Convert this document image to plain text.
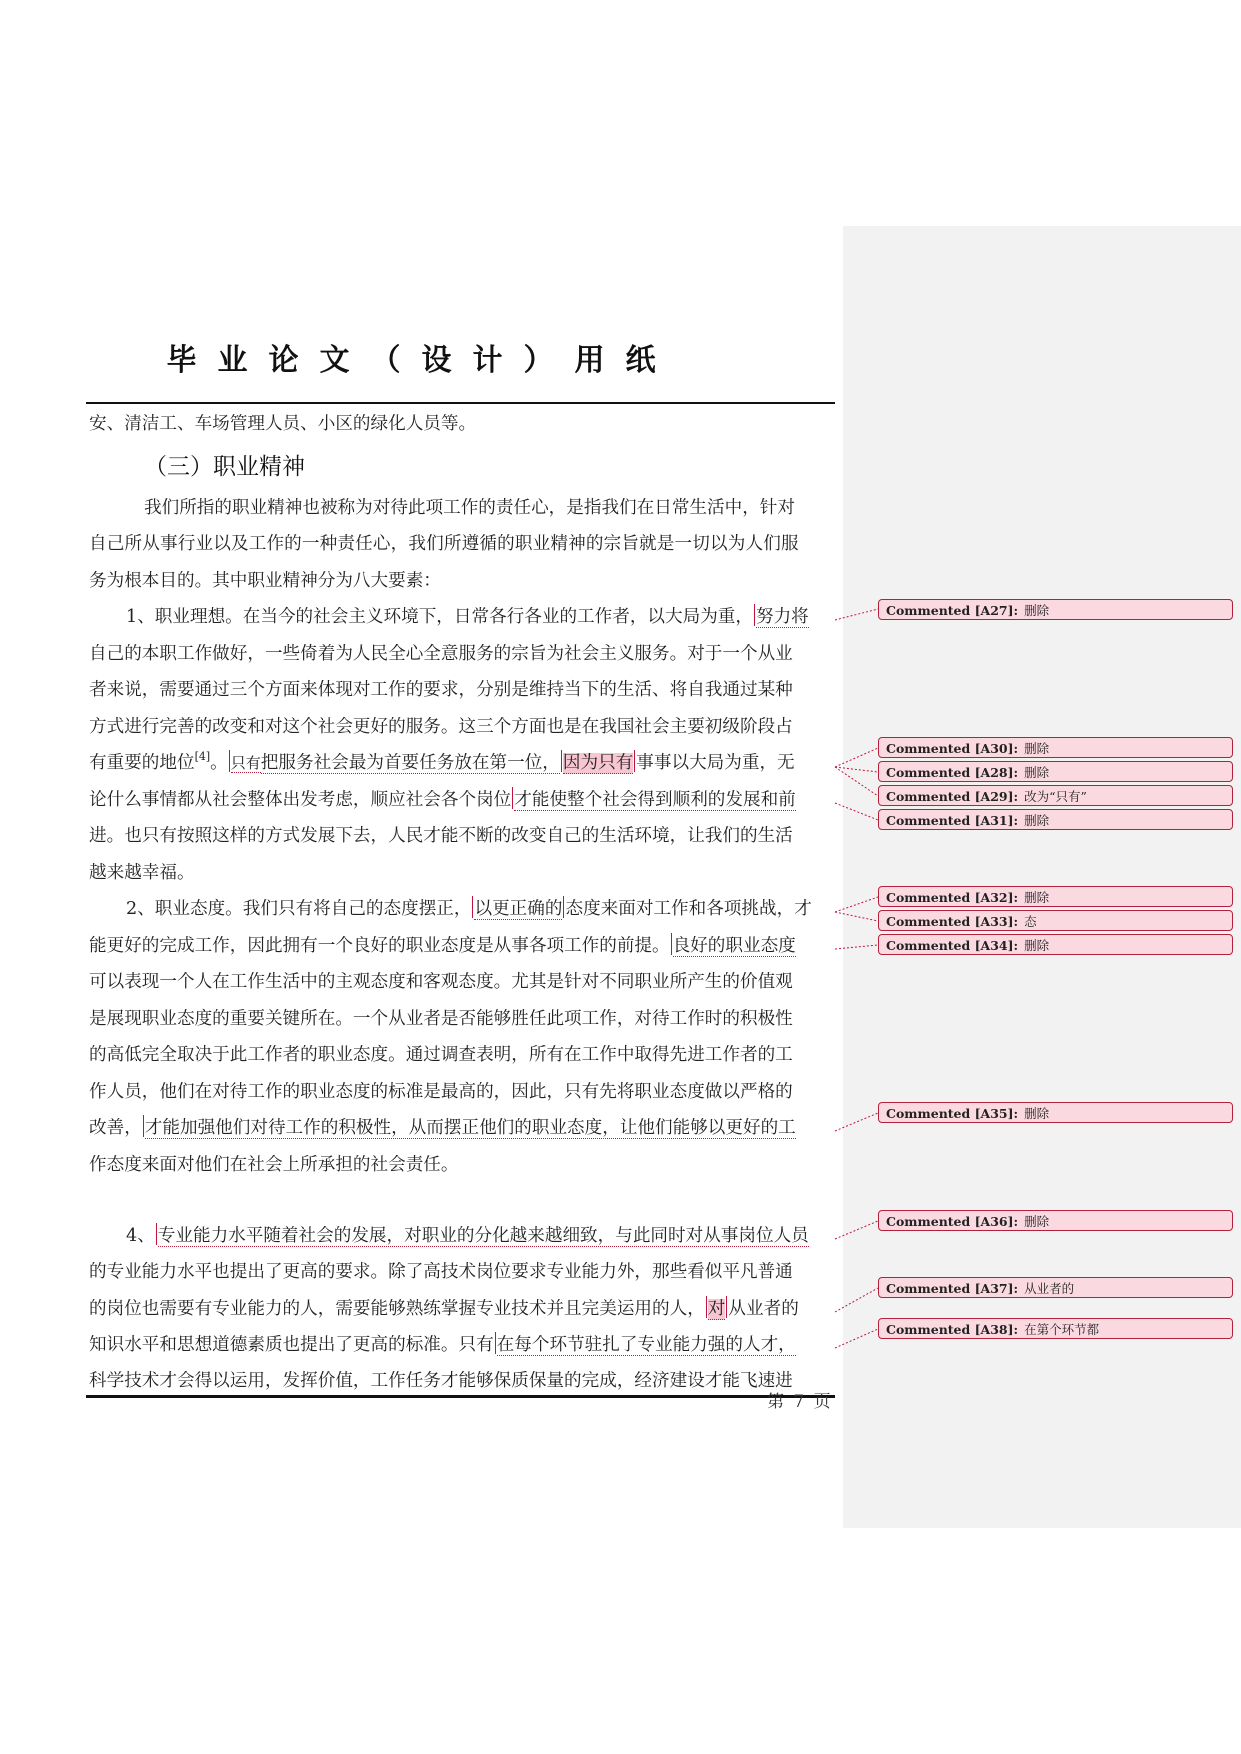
毕业论文（设计）用纸
安、清洁工、车场管理人员、小区的绿化人员等。
（三）职业精神
我们所指的职业精神也被称为对待此项工作的责任心，是指我们在日常生活中，针对
自己所从事行业以及工作的一种责任心，我们所遵循的职业精神的宗旨就是一切以为人们服
务为根本目的。其中职业精神分为八大要素：
1、职业理想。在当今的社会主义环境下，日常各行各业的工作者，以大局为重， 努力将
自己的本职工作做好，一些倚着为人民全心全意服务的宗旨为社会主义服务。对于一个从业
者来说，需要通过三个方面来体现对工作的要求，分别是维持当下的生活、将自我通过某种
方式进行完善的改变和对这个社会更好的服务。这三个方面也是在我国社会主要初级阶段占
有重要的地位[4]。 只有把服务社会最为首要任务放在第一位， 因为只有 事事以大局为重，无
论什么事情都从社会整体出发考虑，顺应社会各个岗位 才能使整个社会得到顺利的发展和前
进。也只有按照这样的方式发展下去，人民才能不断的改变自己的生活环境，让我们的生活
越来越幸福。
2、职业态度。我们只有将自己的态度摆正， 以更正确的 态度来面对工作和各项挑战，才
能更好的完成工作，因此拥有一个良好的职业态度是从事各项工作的前提。 良好的职业态度
可以表现一个人在工作生活中的主观态度和客观态度。尤其是针对不同职业所产生的价值观
是展现职业态度的重要关键所在。一个从业者是否能够胜任此项工作，对待工作时的积极性
的高低完全取决于此工作者的职业态度。通过调查表明，所有在工作中取得先进工作者的工
作人员，他们在对待工作的职业态度的标准是最高的，因此，只有先将职业态度做以严格的
改善， 才能加强他们对待工作的积极性，从而摆正他们的职业态度，让他们能够以更好的工
作态度来面对他们在社会上所承担的社会责任。
4、 专业能力水平随着社会的发展，对职业的分化越来越细致，与此同时对从事岗位人员
的专业能力水平也提出了更高的要求。除了高技术岗位要求专业能力外，那些看似平凡普通
的岗位也需要有专业能力的人，需要能够熟练掌握专业技术并且完美运用的人， 对 从业者的
知识水平和思想道德素质也提出了更高的标准。只有 在每个环节驻扎了专业能力强的人才，
科学技术才会得以运用，发挥价值，工作任务才能够保质保量的完成，经济建设才能飞速进
第 7 页
Commented [A27]: 删除
Commented [A30]: 删除
Commented [A28]: 删除
Commented [A29]: 改为“只有”
Commented [A31]: 删除
Commented [A32]: 删除
Commented [A33]: 态
Commented [A34]: 删除
Commented [A35]: 删除
Commented [A36]: 删除
Commented [A37]: 从业者的
Commented [A38]: 在第个环节都
